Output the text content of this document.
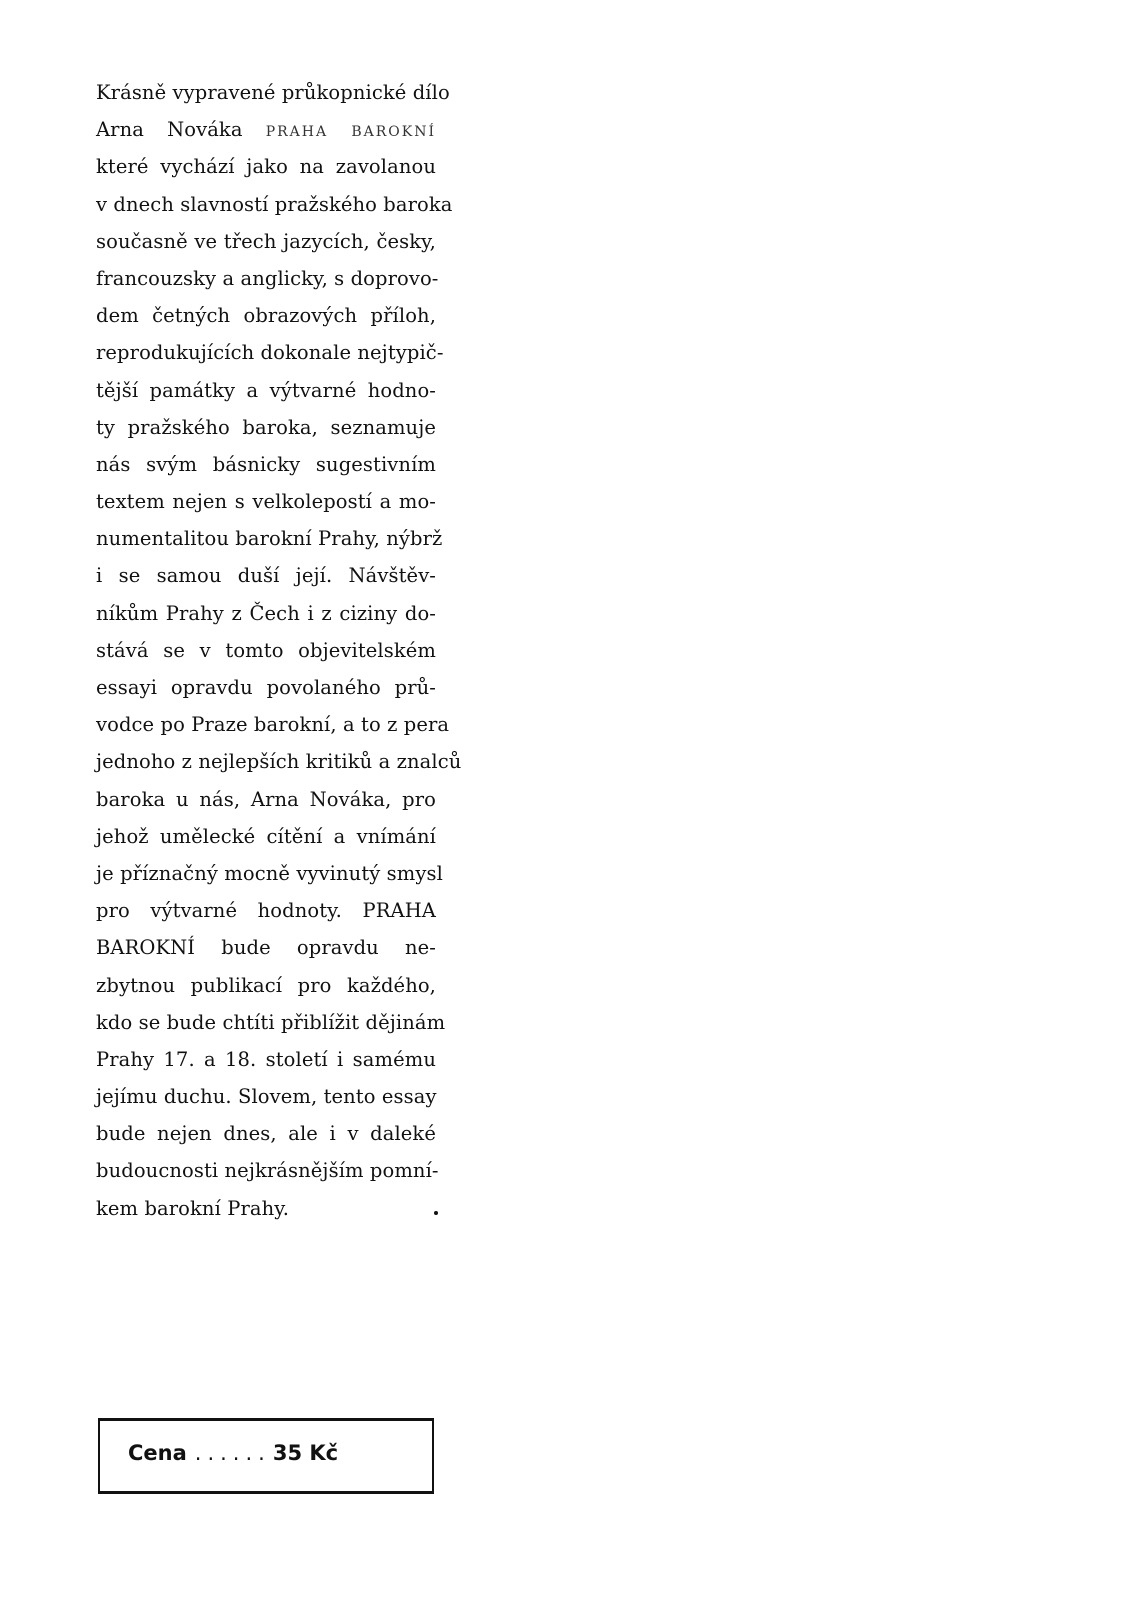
Krásně vypravené průkopnické dílo
Arna Nováka PRAHA BAROKNÍ
které vychází jako na zavolanou
v dnech slavností pražského baroka
současně ve třech jazycích, česky,
francouzsky a anglicky, s doprovo-
dem četných obrazových příloh,
reprodukujících dokonale nejtypič-
tější památky a výtvarné hodno-
ty pražského baroka, seznamuje
nás svým básnicky sugestivním
textem nejen s velkolepostí a mo-
numentalitou barokní Prahy, nýbrž
i se samou duší její. Návštěv-
níkům Prahy z Čech i z ciziny do-
stává se v tomto objevitelském
essayi opravdu povolaného prů-
vodce po Praze barokní, a to z pera
jednoho z nejlepších kritiků a znalců
baroka u nás, Arna Nováka, pro
jehož umělecké cítění a vnímání
je příznačný mocně vyvinutý smysl
pro výtvarné hodnoty. PRAHA
BAROKNÍ bude opravdu ne-
zbytnou publikací pro každého,
kdo se bude chtíti přiblížit dějinám
Prahy 17. a 18. století i samému
jejímu duchu. Slovem, tento essay
bude nejen dnes, ale i v daleké
budoucnosti nejkrásnějším pomní-
kem barokní Prahy.
Cena ......35 Kč
